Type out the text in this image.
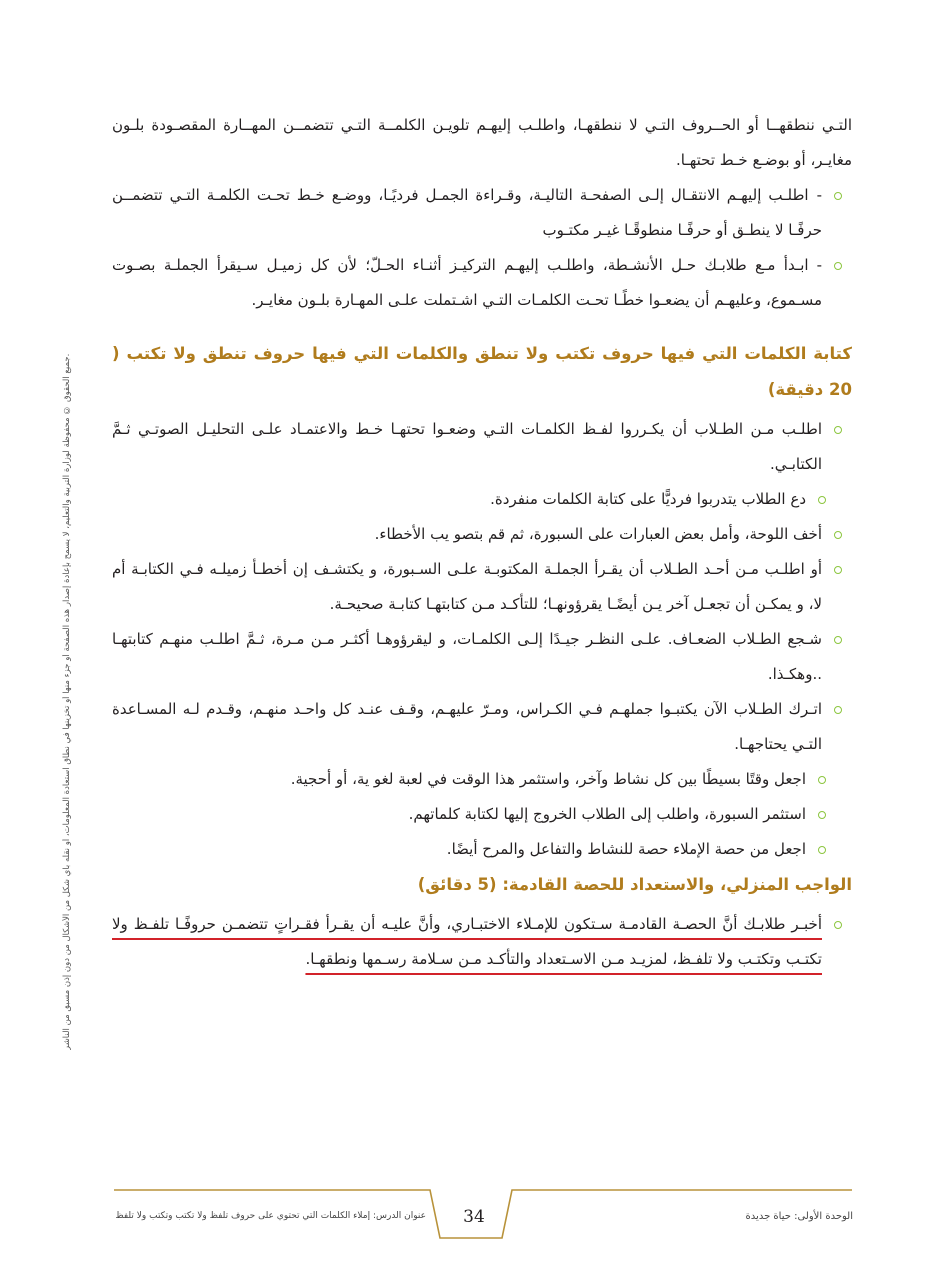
جميع الحقوق © محفوظة لوزارة التربية والتعليم، لا يسمح بإعادة إصدار هذه الصفحة أو جزء منها أو تخزينها في نطاق استعادة المعلومات، أو نقله بأي شكل من الأشكال من دون إذن مسبق من الناشر.

التـي ننطقهــا أو الحــروف التـي لا ننطقهـا، واطلـب إليهـم تلويـن الكلمــة التـي تتضمــن المهــارة المقصـودة بلـون مغايـر، أو بوضـع خـط تحتهـا.

-اطلـب إليهـم الانتقـال إلـى الصفحـة التاليـة، وقـراءة الجمـل فرديًـا، ووضـع خـط تحـت الكلمـة التـي تتضمــن حرفًـا لا ينطـق أو حرفًـا منطوقًـا غيـر مكتـوب
-ابـدأ مـع طلابـك حـل الأنشـطة، واطلـب إليهـم التركيـز أثنـاء الحـلّ؛ لأن كل زميـل سـيقرأ الجملـة بصـوت مسـموع، وعليهـم أن يضعـوا خطًـا تحـت الكلمـات التـي اشـتملت علـى المهـارة بلـون مغايـر.
كتابة الكلمات التي فيها حروف تكتب ولا تنطق والكلمات التي فيها حروف تنطق ولا تكتب ( 20 دقيقة)
اطلـب مـن الطـلاب أن يكـرروا لفـظ الكلمـات التـي وضعـوا تحتهـا خـط والاعتمـاد علـى التحليـل الصوتـي ثـمَّ الكتابـي.
دع الطلاب يتدربوا فرديًّا على كتابة الكلمات منفردة.
أخف اللوحة، وأمل بعض العبارات على السبورة، ثم قم بتصو يب الأخطاء.
أو اطلـب مـن أحـد الطـلاب أن يقـرأ الجملـة المكتوبـة علـى السـبورة، و يكتشـف إن أخطـأ زميلـه فـي الكتابـة أم لا، و يمكـن أن تجعـل آخر يـن أيضًـا يقرؤونهـا؛ للتأكـد مـن كتابتهـا كتابـة صحيحـة.
شـجع الطـلاب الضعـاف. علـى النظـر جيـدًا إلـى الكلمـات، و ليقرؤوهـا أكثـر مـن مـرة، ثـمَّ اطلـب منهـم كتابتهـا ..وهكـذا.
اتـرك الطـلاب الآن يكتبـوا جملهـم فـي الكـراس، ومـرّ عليهـم، وقـف عنـد كل واحـد منهـم، وقـدم لـه المسـاعدة التـي يحتاجهـا.
اجعل وقتًا بسيطًا بين كل نشاط وآخر، واستثمر هذا الوقت في لعبة لغو ية، أو أحجية.
استثمر السبورة، واطلب إلى الطلاب الخروج إليها لكتابة كلماتهم.
اجعل من حصة الإملاء حصة للنشاط والتفاعل والمرح أيضًا.
الواجب المنزلي، والاستعداد للحصة القادمة: (5 دقائق)
أخبـر طلابـك أنَّ الحصـة القادمـة سـتكون للإمـلاء الاختبـاري، وأنَّ عليـه أن يقـرأ فقـراتٍ تتضمـن حروفًـا تلفـظ ولا تكتـب وتكتـب ولا تلفـظ، لمزيـد مـن الاسـتعداد والتأكـد مـن سـلامة رسـمها ونطقهـا.
الوحدة الأولى: حياة جديدة
34
عنوان الدرس: إملاء الكلمات التي تحتوي على حروف تلفظ ولا تكتب وتكتب ولا تلفظ
